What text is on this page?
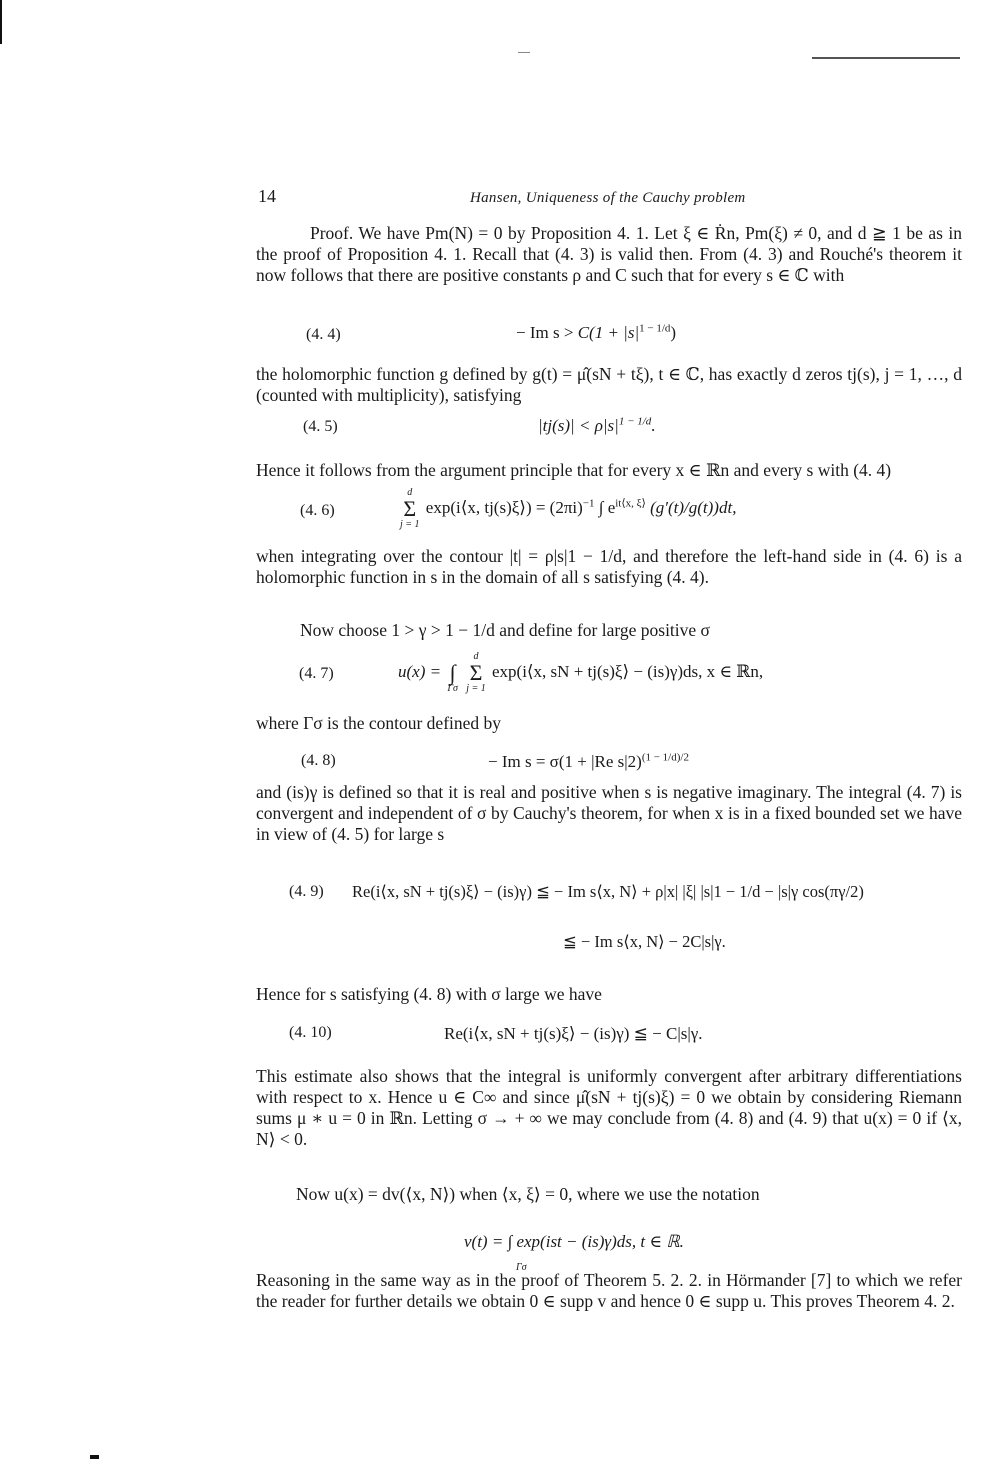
14	Hansen, Uniqueness of the Cauchy problem
Proof. We have Pm(N) = 0 by Proposition 4. 1. Let ξ ∈ Ṙn, Pm(ξ) ≠ 0, and d ≧ 1 be as in the proof of Proposition 4. 1. Recall that (4. 3) is valid then. From (4. 3) and Rouché's theorem it now follows that there are positive constants ρ and C such that for every s ∈ ℂ with
(4. 4)	− Im $s > C(1 + |s|^{1 - 1/d})$
the holomorphic function g defined by g(t) = μ̂(sN + tξ), t ∈ ℂ, has exactly d zeros tj(s), j = 1, …, d (counted with multiplicity), satisfying
(4. 5)	$|tj(s)| < \rho|s|^{1 - 1/d}$.
Hence it follows from the argument principle that for every x ∈ ℝn and every s with (4. 4)
(4. 6)
d
Σ
j = 1
exp(i⟨x, tj(s)ξ⟩) = $(2\pi i)^{-1}$ ∫ $e^{it⟨x, \xi⟩}$ (g′(t)/g(t))dt,
when integrating over the contour |t| = ρ|s|1 − 1/d, and therefore the left-hand side in (4. 6) is a holomorphic function in s in the domain of all s satisfying (4. 4).
Now choose 1 > γ > 1 − 1/d and define for large positive σ
(4. 7)	u(x) =
∫
Γσ

d
Σ
j = 1
exp(i⟨x, sN + tj(s)ξ⟩ − (is)γ)ds, x ∈ ℝn,
where Γσ is the contour defined by
(4. 8)	− Im s = σ(1 + |Re s|2)$^{(1 - 1/d)/2}$
and (is)γ is defined so that it is real and positive when s is negative imaginary. The integral (4. 7) is convergent and independent of σ by Cauchy's theorem, for when x is in a fixed bounded set we have in view of (4. 5) for large s
(4. 9) Re(i⟨x, sN + tj(s)ξ⟩ − (is)γ) ≦ − Im s⟨x, N⟩ + ρ|x| |ξ| |s|1 − 1/d − |s|γ cos(πγ/2)
≦ − Im s⟨x, N⟩ − 2C|s|γ.
Hence for s satisfying (4. 8) with σ large we have
(4. 10)	Re(i⟨x, sN + tj(s)ξ⟩ − (is)γ) ≦ − C|s|γ.
This estimate also shows that the integral is uniformly convergent after arbitrary differentiations with respect to x. Hence u ∈ C∞ and since μ̂(sN + tj(s)ξ) = 0 we obtain by considering Riemann sums μ ∗ u = 0 in ℝn. Letting σ → + ∞ we may conclude from (4. 8) and (4. 9) that u(x) = 0 if ⟨x, N⟩ < 0.
Now u(x) = dv(⟨x, N⟩) when ⟨x, ξ⟩ = 0, where we use the notation
v(t) = ∫ exp(ist − (is)γ)ds, t ∈ ℝ.
Γσ
Reasoning in the same way as in the proof of Theorem 5. 2. 2. in Hörmander [7] to which we refer the reader for further details we obtain 0 ∈ supp v and hence 0 ∈ supp u. This proves Theorem 4. 2.
